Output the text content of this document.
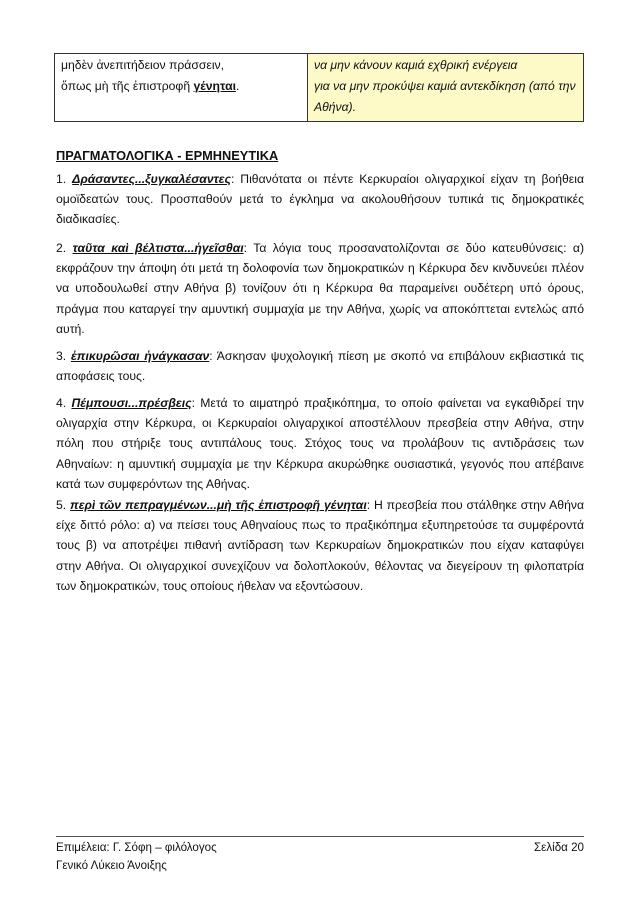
μηδὲν ἀνεπιτήδειον πράσσειν,
ὅπως μὴ τῆς ἐπιστροφῆ γένηται.

να μην κάνουν καμιά εχθρική ενέργεια
για να μην προκύψει καμιά αντεκδίκηση (από την Αθήνα).
ΠΡΑΓΜΑΤΟΛΟΓΙΚΑ - ΕΡΜΗΝΕΥΤΙΚΑ

1. Δράσαντες...ξυγκαλέσαντες: Πιθανότατα οι πέντε Κερκυραίοι ολιγαρχικοί είχαν τη βοήθεια ομοϊδεατών τους. Προσπαθούν μετά το έγκλημα να ακολουθήσουν τυπικά τις δημοκρατικές διαδικασίες.

2. ταῦτα καὶ βέλτιστα...ἡγεῖσθαι: Τα λόγια τους προσανατολίζονται σε δύο κατευθύνσεις: α) εκφράζουν την άποψη ότι μετά τη δολοφονία των δημοκρατικών η Κέρκυρα δεν κινδυνεύει πλέον να υποδουλωθεί στην Αθήνα β) τονίζουν ότι η Κέρκυρα θα παραμείνει ουδέτερη υπό όρους, πράγμα που καταργεί την αμυντική συμμαχία με την Αθήνα, χωρίς να αποκόπτεται εντελώς από αυτή.

3. ἐπικυρῶσαι ἠνάγκασαν: Άσκησαν ψυχολογική πίεση με σκοπό να επιβάλουν εκβιαστικά τις αποφάσεις τους.

4. Πέμπουσι...πρέσβεις: Μετά το αιματηρό πραξικόπημα, το οποίο φαίνεται να εγκαθιδρεί την ολιγαρχία στην Κέρκυρα, οι Κερκυραίοι ολιγαρχικοί αποστέλλουν πρεσβεία στην Αθήνα, στην πόλη που στήριξε τους αντιπάλους τους. Στόχος τους να προλάβουν τις αντιδράσεις των Αθηναίων: η αμυντική συμμαχία με την Κέρκυρα ακυρώθηκε ουσιαστικά, γεγονός που απέβαινε κατά των συμφερόντων της Αθήνας.

5. περὶ τῶν πεπραγμένων...μὴ τῆς ἐπιστροφῆ γένηται: Η πρεσβεία που στάλθηκε στην Αθήνα είχε διττό ρόλο: α) να πείσει τους Αθηναίους πως το πραξικόπημα εξυπηρετούσε τα συμφέροντά τους β) να αποτρέψει πιθανή αντίδραση των Κερκυραίων δημοκρατικών που είχαν καταφύγει στην Αθήνα. Οι ολιγαρχικοί συνεχίζουν να δολοπλοκούν, θέλοντας να διεγείρουν τη φιλοπατρία των δημοκρατικών, τους οποίους ήθελαν να εξοντώσουν.

Επιμέλεια: Γ. Σόφη – φιλόλογος	Σελίδα 20
Γενικό Λύκειο Άνοιξης
